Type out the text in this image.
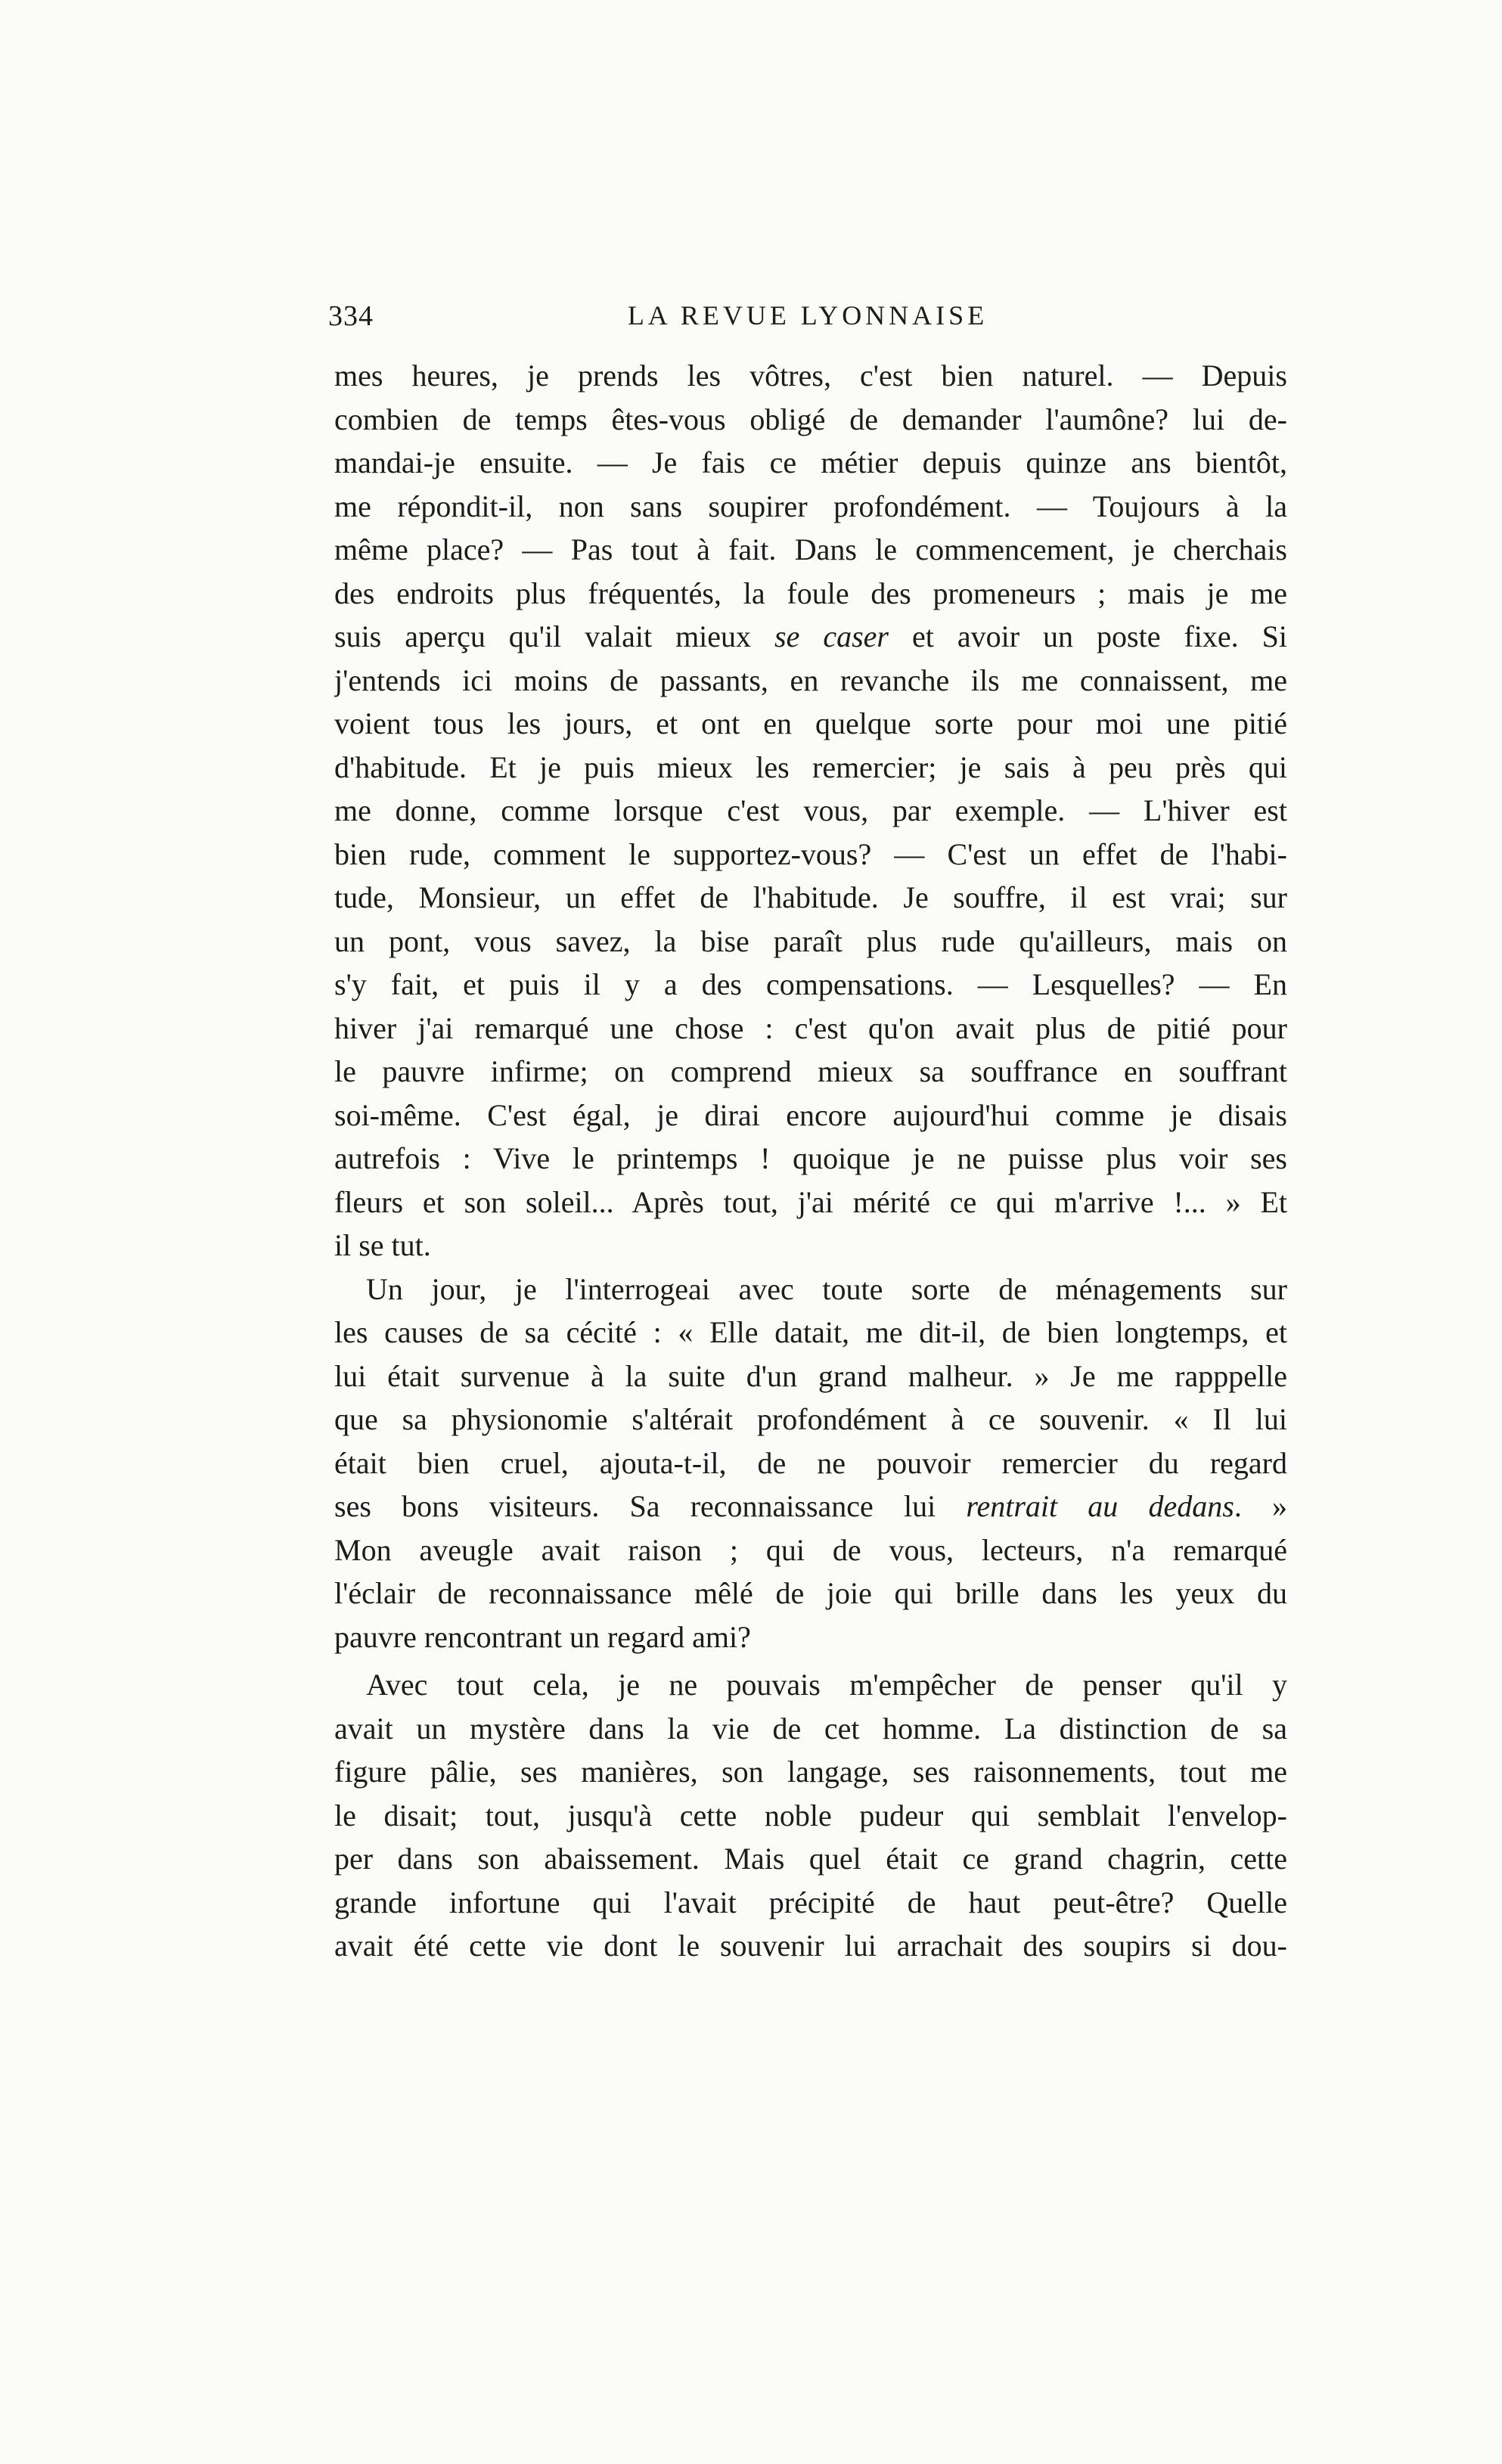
334	LA REVUE LYONNAISE
mes heures, je prends les vôtres, c'est bien naturel. — Depuis
combien de temps êtes-vous obligé de demander l'aumône? lui de-
mandai-je ensuite. — Je fais ce métier depuis quinze ans bientôt,
me répondit-il, non sans soupirer profondément. — Toujours à la
même place? — Pas tout à fait. Dans le commencement, je cherchais
des endroits plus fréquentés, la foule des promeneurs ; mais je me
suis aperçu qu'il valait mieux se caser et avoir un poste fixe. Si
j'entends ici moins de passants, en revanche ils me connaissent, me
voient tous les jours, et ont en quelque sorte pour moi une pitié
d'habitude. Et je puis mieux les remercier; je sais à peu près qui
me donne, comme lorsque c'est vous, par exemple. — L'hiver est
bien rude, comment le supportez-vous? — C'est un effet de l'habi-
tude, Monsieur, un effet de l'habitude. Je souffre, il est vrai; sur
un pont, vous savez, la bise paraît plus rude qu'ailleurs, mais on
s'y fait, et puis il y a des compensations. — Lesquelles? — En
hiver j'ai remarqué une chose : c'est qu'on avait plus de pitié pour
le pauvre infirme; on comprend mieux sa souffrance en souffrant
soi-même. C'est égal, je dirai encore aujourd'hui comme je disais
autrefois : Vive le printemps ! quoique je ne puisse plus voir ses
fleurs et son soleil... Après tout, j'ai mérité ce qui m'arrive !... » Et
il se tut.
Un jour, je l'interrogeai avec toute sorte de ménagements sur
les causes de sa cécité : « Elle datait, me dit-il, de bien longtemps, et
lui était survenue à la suite d'un grand malheur. » Je me rapppelle
que sa physionomie s'altérait profondément à ce souvenir. « Il lui
était bien cruel, ajouta-t-il, de ne pouvoir remercier du regard
ses bons visiteurs. Sa reconnaissance lui rentrait au dedans. »
Mon aveugle avait raison ; qui de vous, lecteurs, n'a remarqué
l'éclair de reconnaissance mêlé de joie qui brille dans les yeux du
pauvre rencontrant un regard ami?
Avec tout cela, je ne pouvais m'empêcher de penser qu'il y
avait un mystère dans la vie de cet homme. La distinction de sa
figure pâlie, ses manières, son langage, ses raisonnements, tout me
le disait; tout, jusqu'à cette noble pudeur qui semblait l'envelop-
per dans son abaissement. Mais quel était ce grand chagrin, cette
grande infortune qui l'avait précipité de haut peut-être? Quelle
avait été cette vie dont le souvenir lui arrachait des soupirs si dou-
